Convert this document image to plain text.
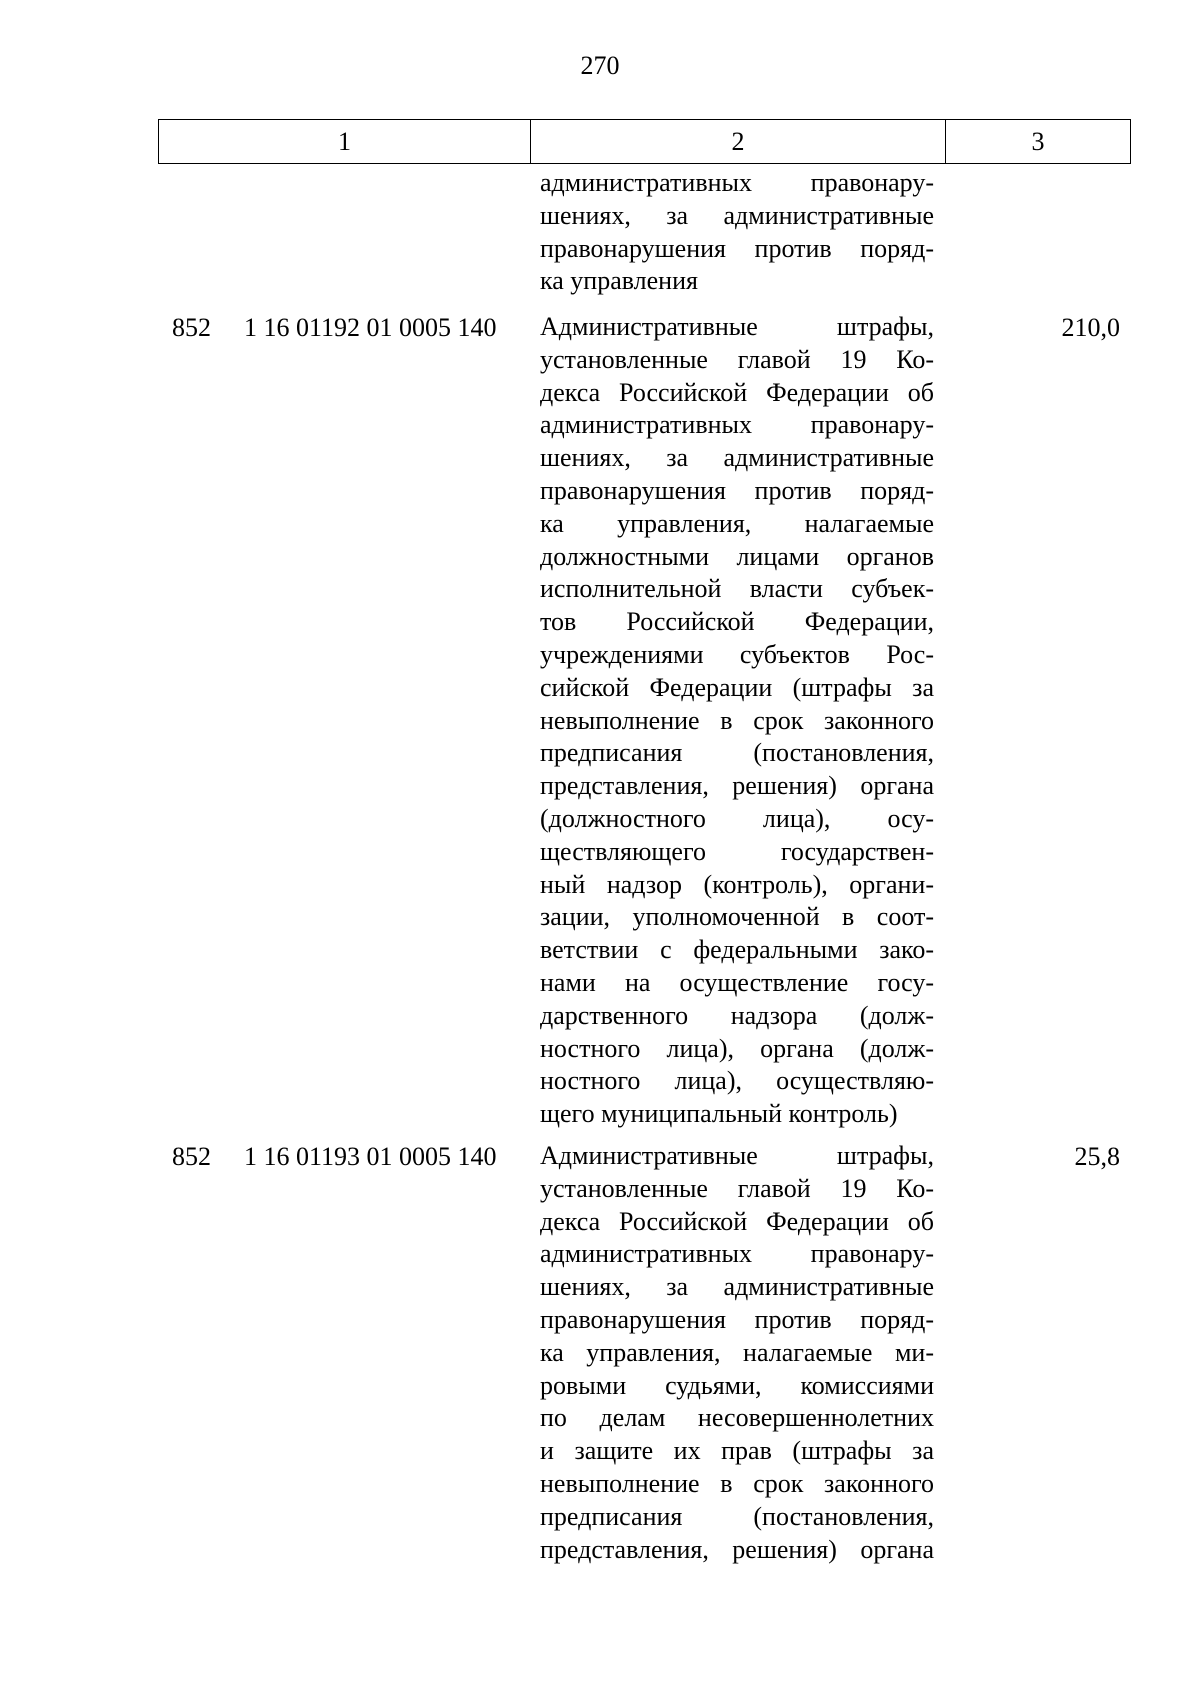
270
1	2	3
административных правонару-
шениях, за административные
правонарушения против поряд-
ка управления
852 1 16 01192 01 0005 140 Административные штрафы,
установленные главой 19 Ко-
декса Российской Федерации об
административных правонару-
шениях, за административные
правонарушения против поряд-
ка управления, налагаемые
должностными лицами органов
исполнительной власти субъек-
тов Российской Федерации,
учреждениями субъектов Рос-
сийской Федерации (штрафы за
невыполнение в срок законного
предписания (постановления,
представления, решения) органа
(должностного лица), осу-
ществляющего государствен-
ный надзор (контроль), органи-
зации, уполномоченной в соот-
ветствии с федеральными зако-
нами на осуществление госу-
дарственного надзора (долж-
ностного лица), органа (долж-
ностного лица), осуществляю-
щего муниципальный контроль)
210,0
852 1 16 01193 01 0005 140 Административные штрафы,
установленные главой 19 Ко-
декса Российской Федерации об
административных правонару-
шениях, за административные
правонарушения против поряд-
ка управления, налагаемые ми-
ровыми судьями, комиссиями
по делам несовершеннолетних
и защите их прав (штрафы за
невыполнение в срок законного
предписания (постановления,
представления, решения) органа
25,8
